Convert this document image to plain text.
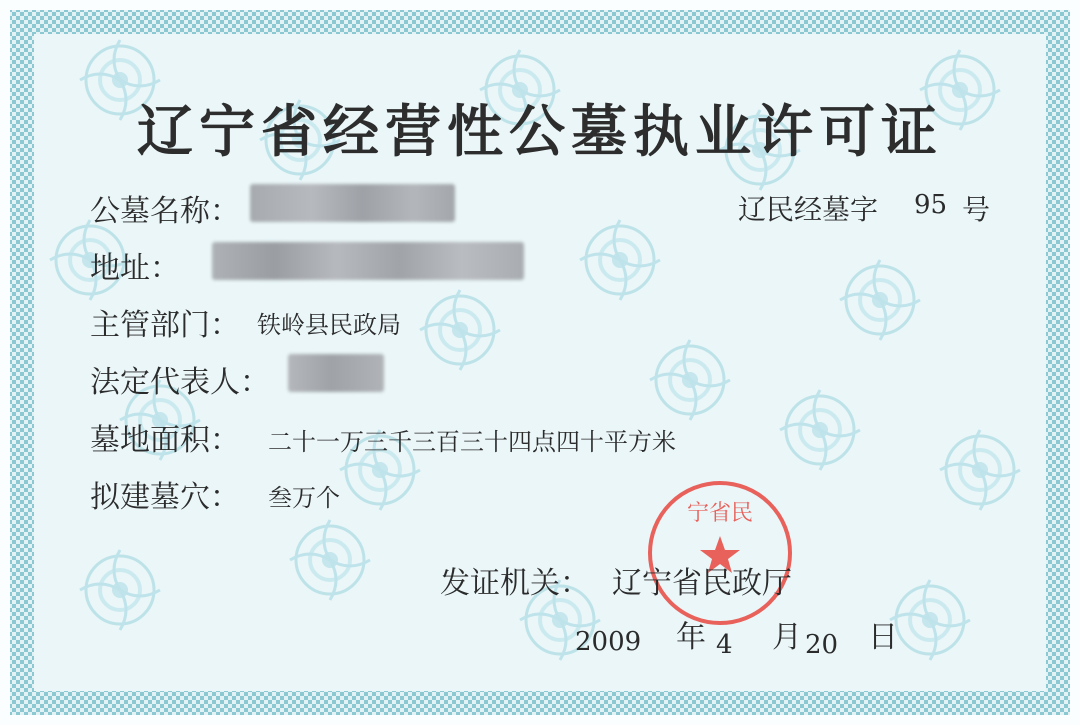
辽宁省经营性公墓执业许可证
辽民经墓字 95 号
公墓名称：
地址：
主管部门： 铁岭县民政局
法定代表人：
墓地面积： 二十一万三千三百三十四点四十平方米
拟建墓穴： 叁万个
宁省民
发证机关： 辽宁省民政厅
2009 年 4 月 20 日
